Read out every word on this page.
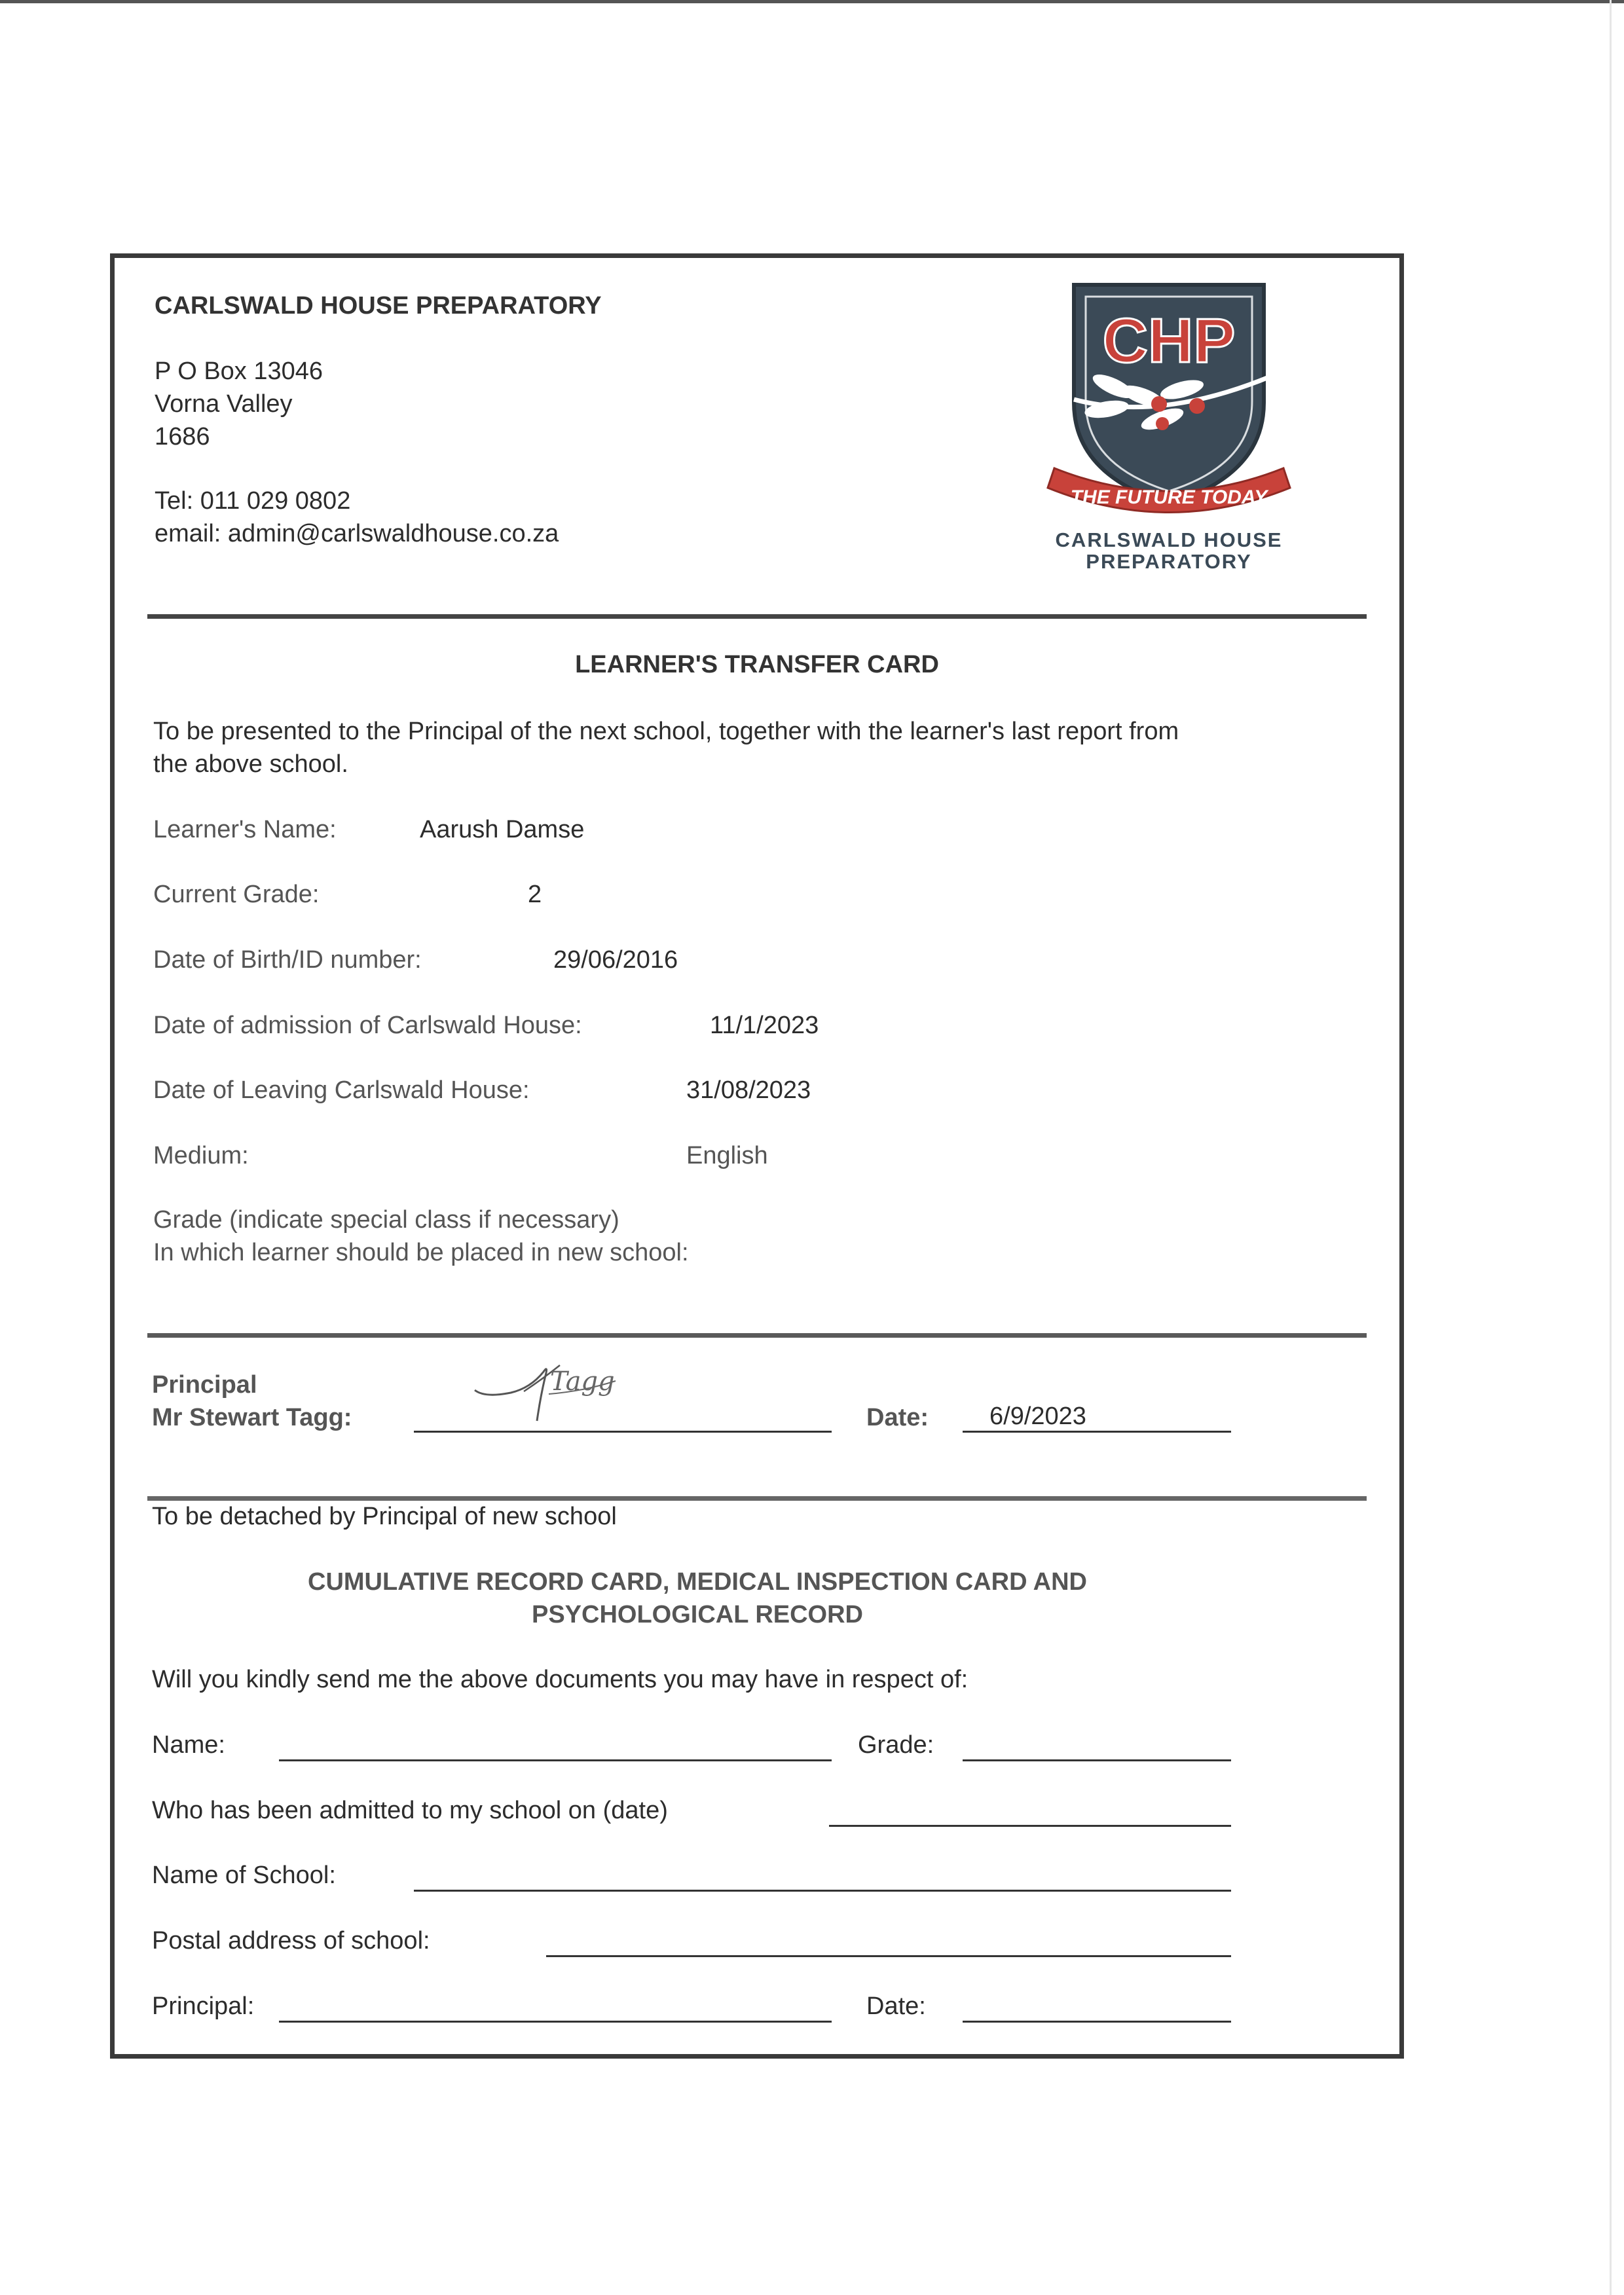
CARLSWALD HOUSE PREPARATORY
P O Box 13046
Vorna Valley
1686
Tel: 011 029 0802
email: admin@carlswaldhouse.co.za
CHP
THE FUTURE TODAY
CARLSWALD HOUSE
PREPARATORY
LEARNER'S TRANSFER CARD
To be presented to the Principal of the next school, together with the learner's last report from
the above school.
Learner's Name:	Aarush Damse
Current Grade:	2
Date of Birth/ID number:	29/06/2016
Date of admission of Carlswald House:	11/1/2023
Date of Leaving Carlswald House:	31/08/2023
Medium:	English
Grade (indicate special class if necessary)
In which learner should be placed in new school:
Principal
Mr Stewart Tagg:
Tagg
Date: 6/9/2023
To be detached by Principal of new school
CUMULATIVE RECORD CARD, MEDICAL INSPECTION CARD AND
PSYCHOLOGICAL RECORD
Will you kindly send me the above documents you may have in respect of:
Name:	Grade:
Who has been admitted to my school on (date)
Name of School:
Postal address of school:
Principal:	Date:
